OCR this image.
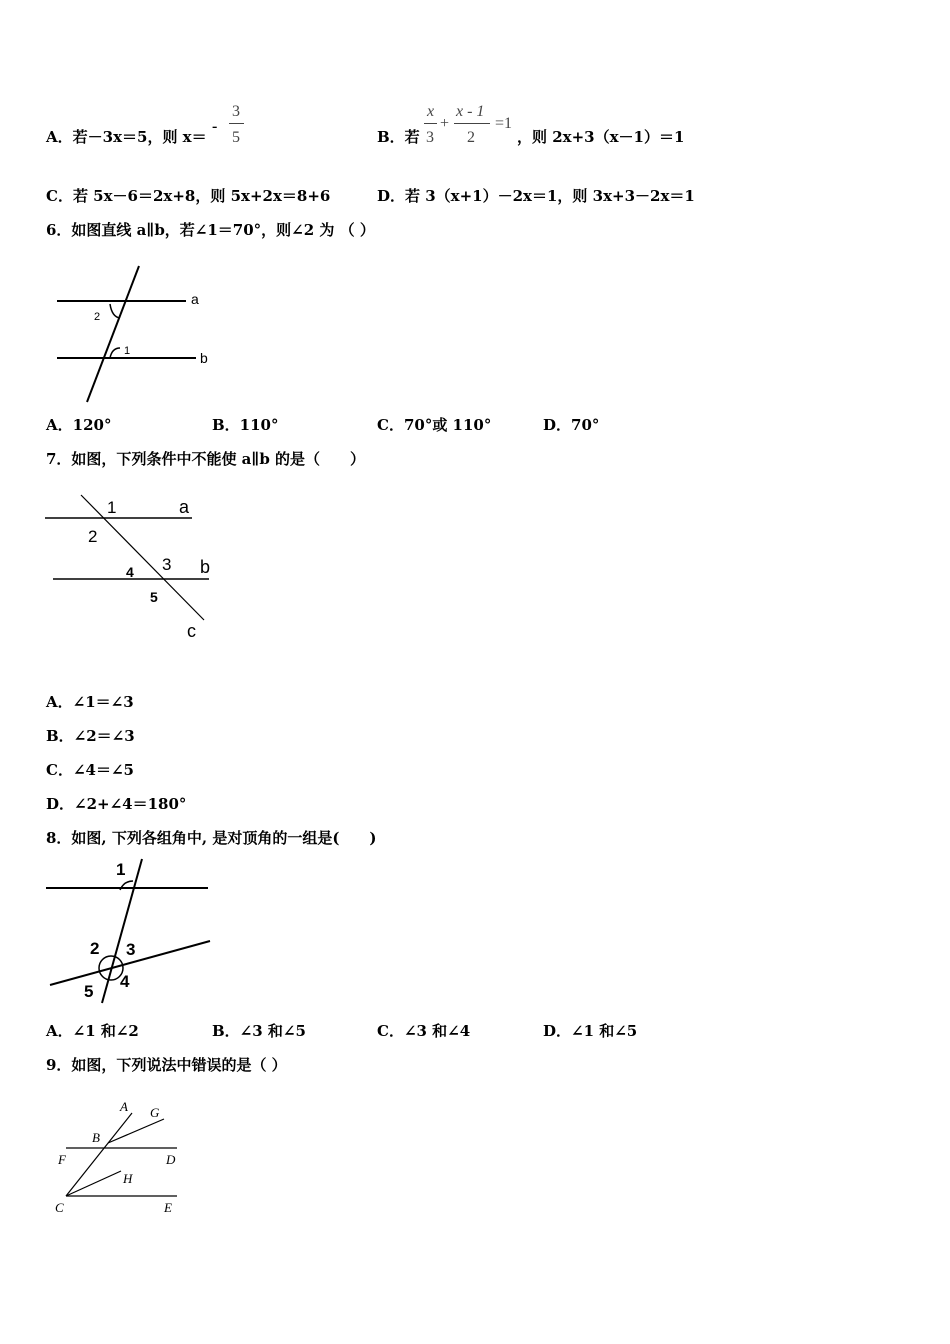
A．若－3x＝5，则 x＝
-
3
5	B．若
x
3
+
x - 1
2
=1
，则 2x+3（x－1）＝1
C．若 5x－6＝2x+8，则 5x+2x＝8+6	D．若 3（x+1）－2x＝1，则 3x+3－2x＝1
6．如图直线 a∥b，若∠1＝70°，则∠2 为 （ ）
a
b
2
1
A．120°	B．110°	C．70°或 110°	D．70°
7．如图，下列条件中不能使 a∥b 的是（　　）
1
2
a
3 b
4
5
c
A．∠1＝∠3
B．∠2＝∠3
C．∠4＝∠5
D．∠2+∠4＝180°
8．如图, 下列各组角中, 是对顶角的一组是(　　)
1
2 3
4
5
A．∠1 和∠2	B．∠3 和∠5	C．∠3 和∠4	D．∠1 和∠5
9．如图，下列说法中错误的是（ ）
A G
B
F	D
H
C	E
